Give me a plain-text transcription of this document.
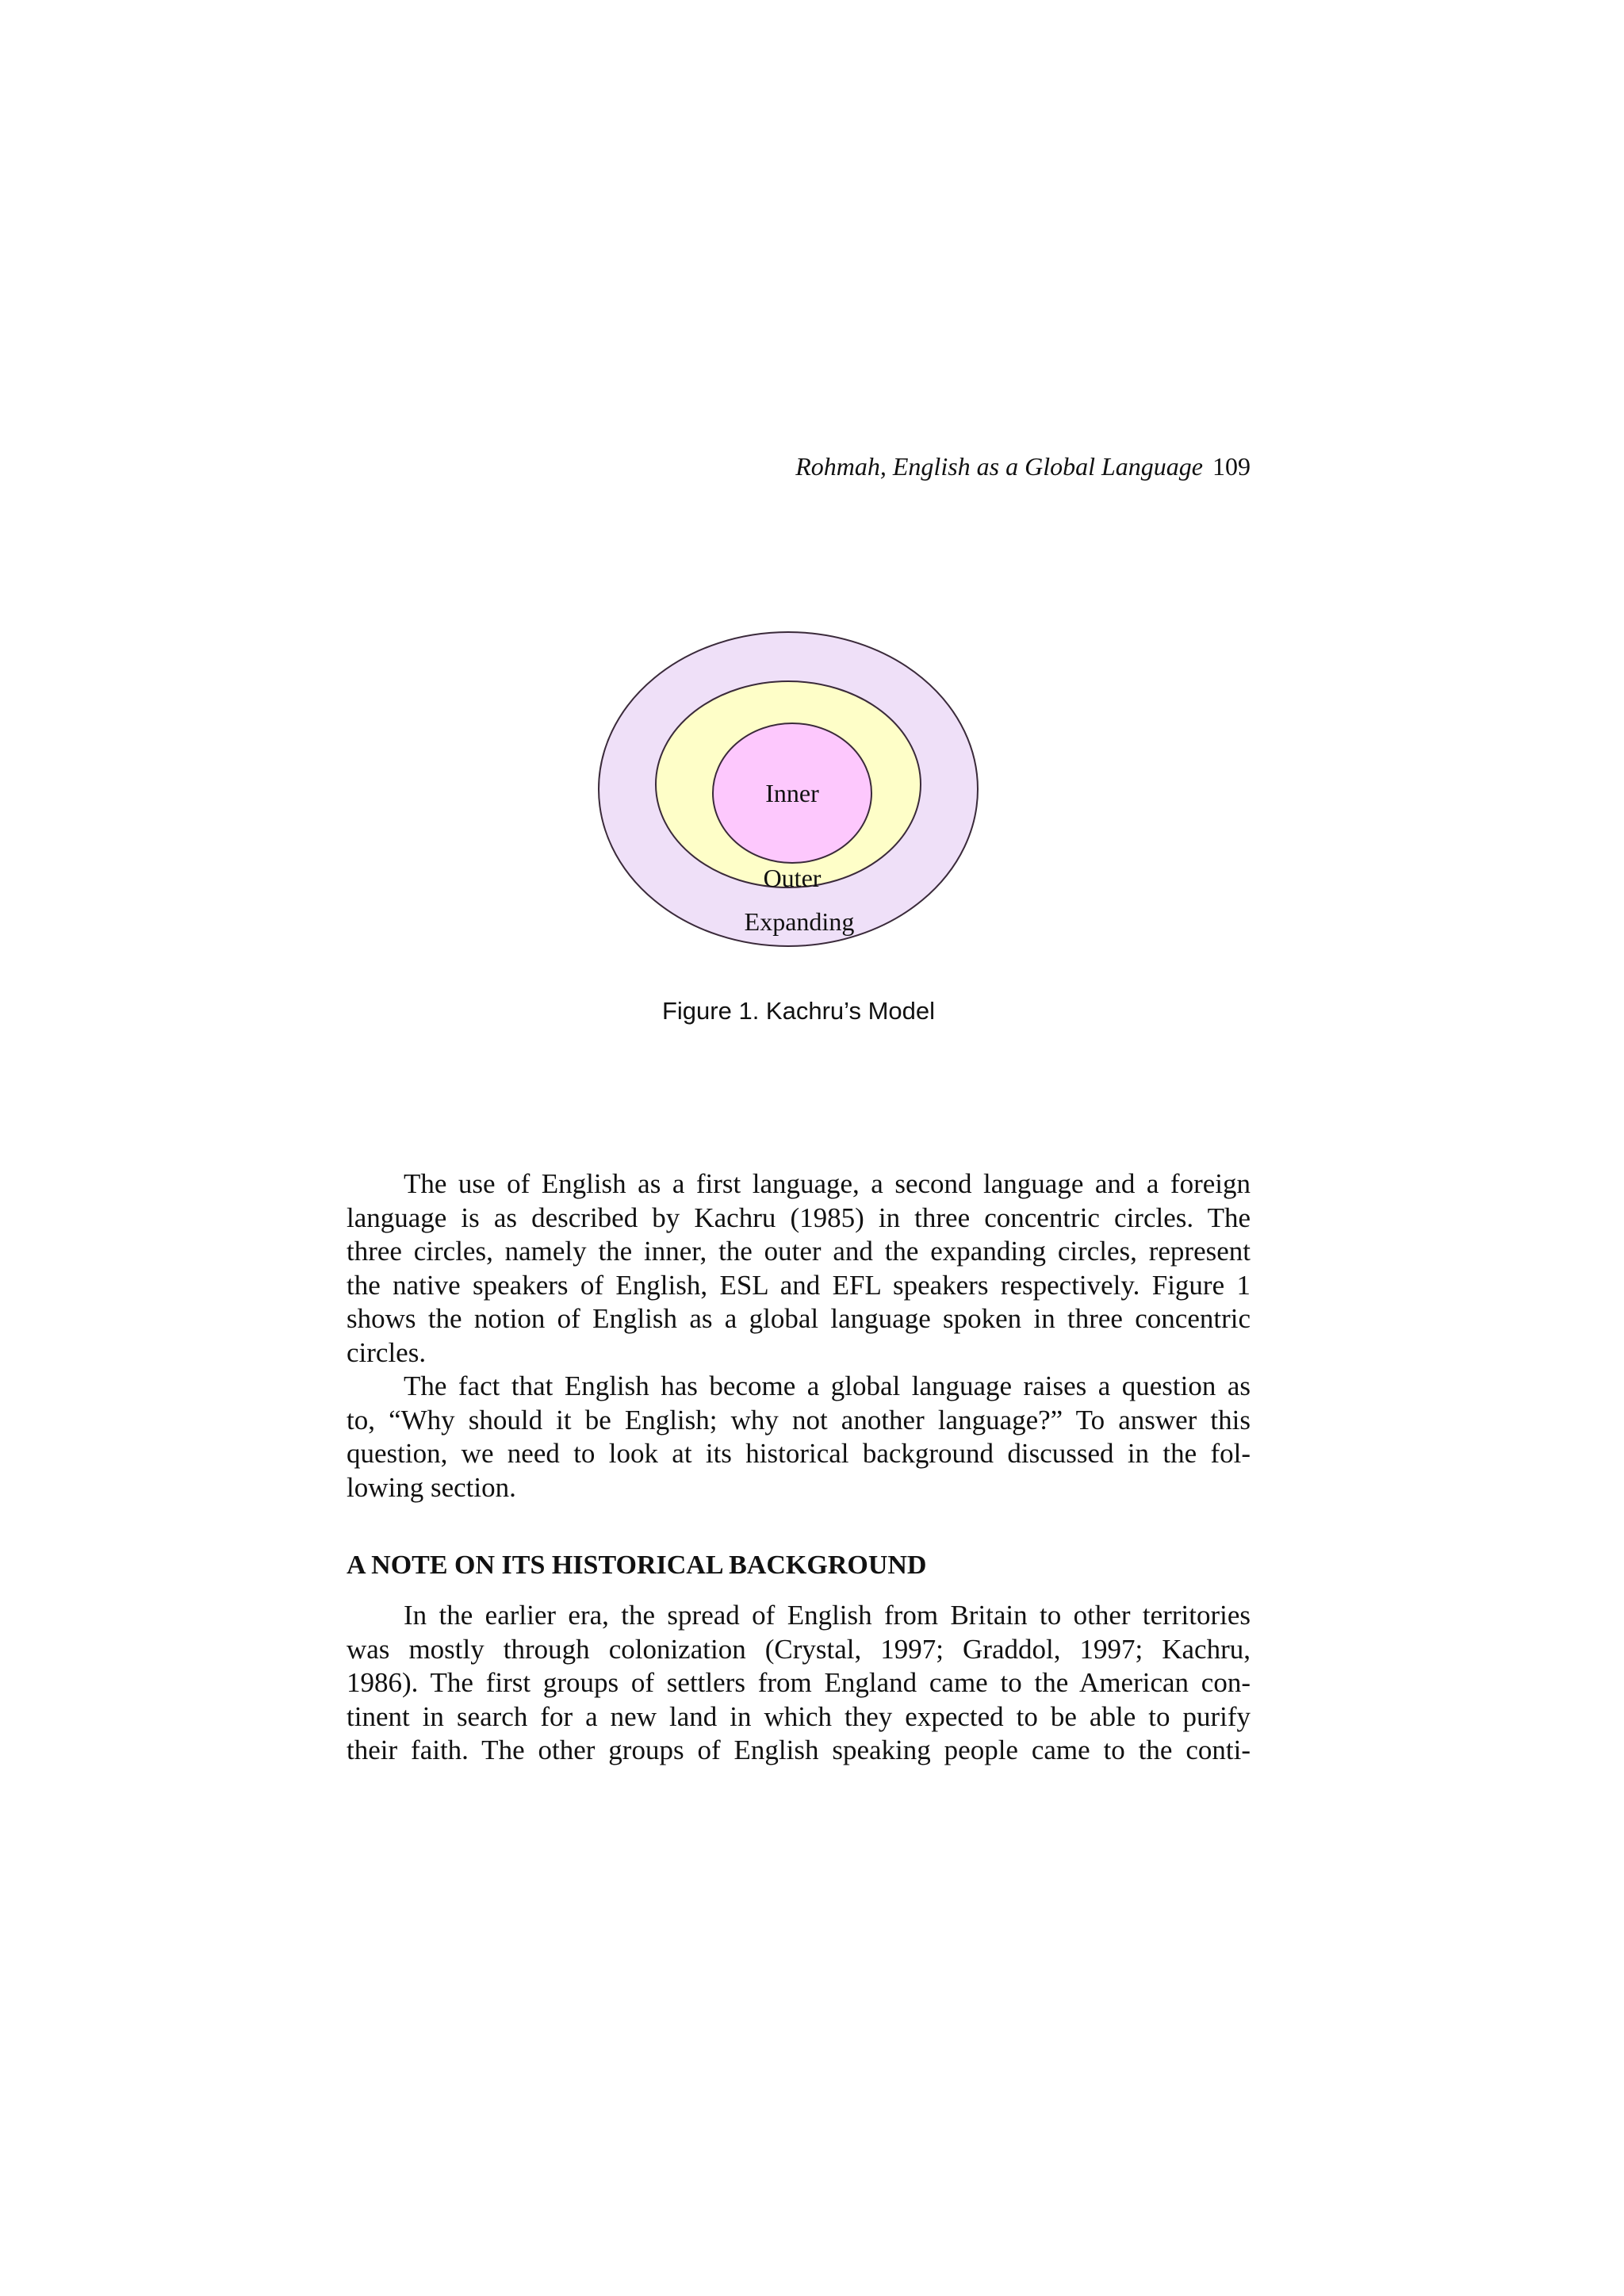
Rohmah, English as a Global Language 109
Inner
Outer
Expanding
Figure 1. Kachru’s Model

The use of English as a first language, a second language and a foreign

language is as described by Kachru (1985) in three concentric circles. The

three circles, namely the inner, the outer and the expanding circles, represent

the native speakers of English, ESL and EFL speakers respectively. Figure 1

shows the notion of English as a global language spoken in three concentric

circles.

The fact that English has become a global language raises a question as

to, “Why should it be English; why not another language?” To answer this

question, we need to look at its historical background discussed in the fol-

lowing section.

A NOTE ON ITS HISTORICAL BACKGROUND

In the earlier era, the spread of English from Britain to other territories

was mostly through colonization (Crystal, 1997; Graddol, 1997; Kachru,

1986). The first groups of settlers from England came to the American con-

tinent in search for a new land in which they expected to be able to purify

their faith. The other groups of English speaking people came to the conti-
